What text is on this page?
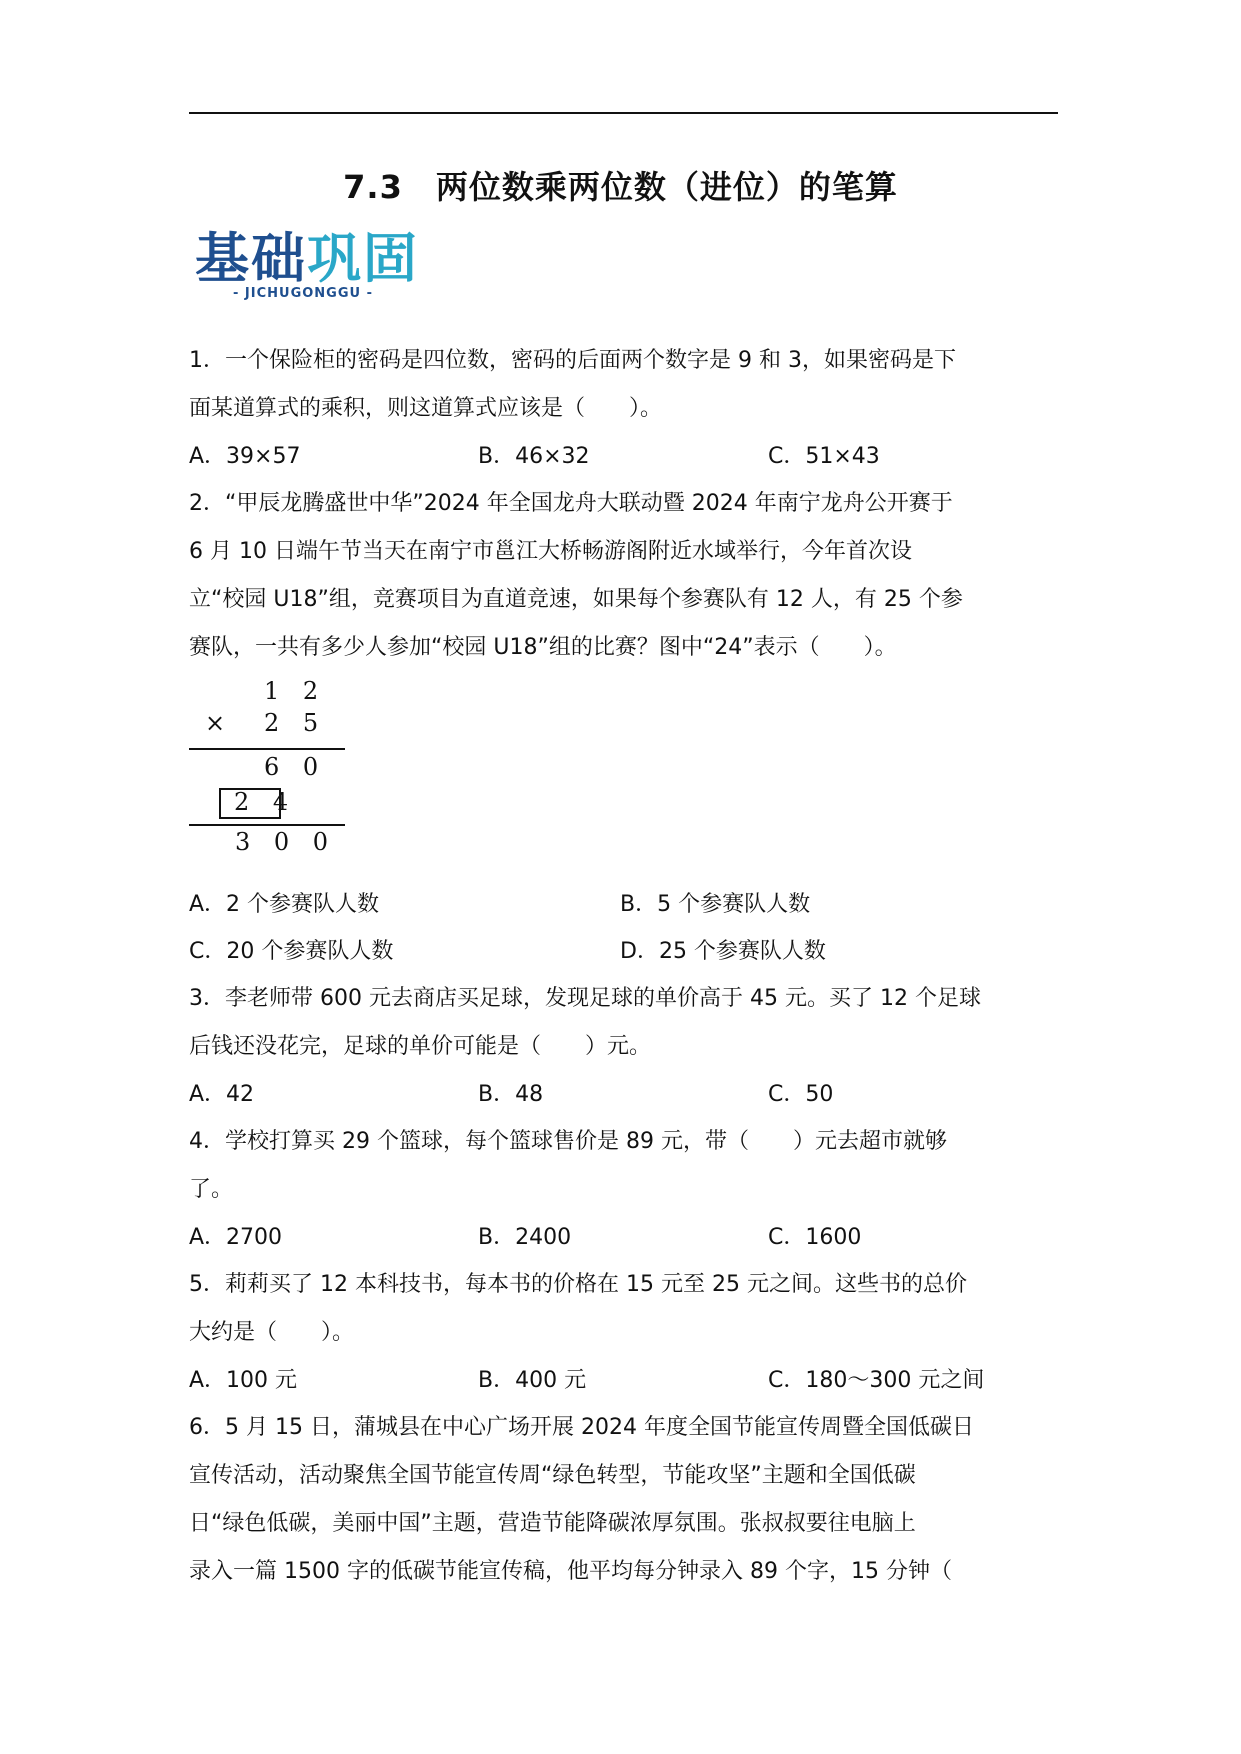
7.3　两位数乘两位数（进位）的笔算
基础巩固
- JICHUGONGGU -
1．一个保险柜的密码是四位数，密码的后面两个数字是 9 和 3，如果密码是下
面某道算式的乘积，则这道算式应该是（　　）。
A．39×57	B．46×32	C．51×43
2．“甲辰龙腾盛世中华”2024 年全国龙舟大联动暨 2024 年南宁龙舟公开赛于
6 月 10 日端午节当天在南宁市邕江大桥畅游阁附近水域举行，今年首次设
立“校园 U18”组，竞赛项目为直道竞速，如果每个参赛队有 12 人，有 25 个参
赛队，一共有多少人参加“校园 U18”组的比赛？图中“24”表示（　　）。
1 2
× 2 5
6 0
2 4
3 0 0
A．2 个参赛队人数	B．5 个参赛队人数
C．20 个参赛队人数	D．25 个参赛队人数
3．李老师带 600 元去商店买足球，发现足球的单价高于 45 元。买了 12 个足球
后钱还没花完，足球的单价可能是（　　）元。
A．42	B．48	C．50
4．学校打算买 29 个篮球，每个篮球售价是 89 元，带（　　）元去超市就够
了。
A．2700	B．2400	C．1600
5．莉莉买了 12 本科技书，每本书的价格在 15 元至 25 元之间。这些书的总价
大约是（　　）。
A．100 元	B．400 元	C．180～300 元之间
6．5 月 15 日，蒲城县在中心广场开展 2024 年度全国节能宣传周暨全国低碳日
宣传活动，活动聚焦全国节能宣传周“绿色转型，节能攻坚”主题和全国低碳
日“绿色低碳，美丽中国”主题，营造节能降碳浓厚氛围。张叔叔要往电脑上
录入一篇 1500 字的低碳节能宣传稿，他平均每分钟录入 89 个字，15 分钟（
